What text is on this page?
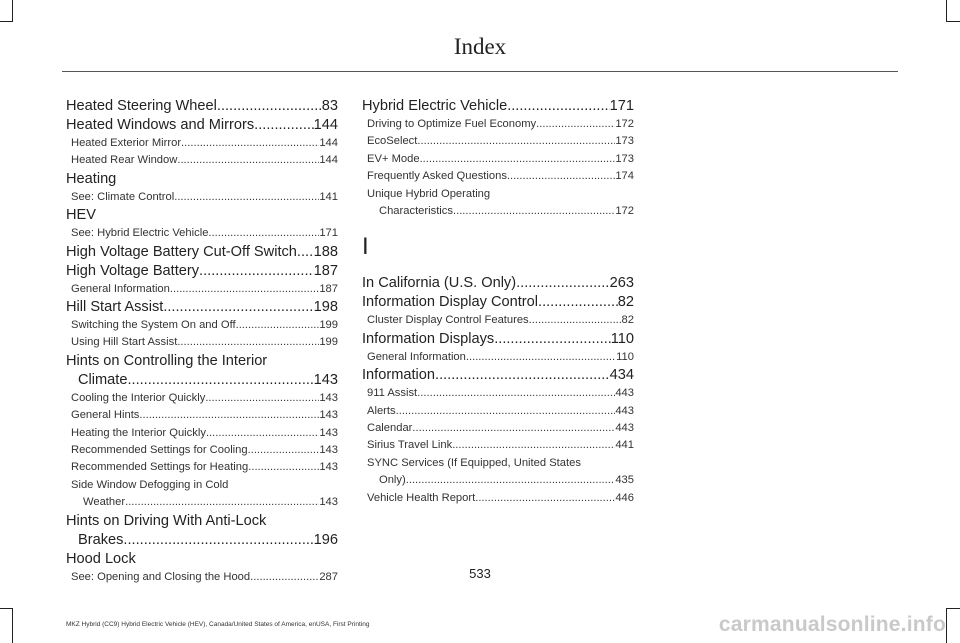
Index
Heated Steering Wheel .....	83
Heated Windows and Mirrors .....	144
Heated Exterior Mirror .....	144
Heated Rear Window .....	144
Heating
See: Climate Control .....	141
HEV
See: Hybrid Electric Vehicle .....	171
High Voltage Battery Cut-Off Switch ..... 188
High Voltage Battery .....	187
General Information .....	187
Hill Start Assist .....	198
Switching the System On and Off .....	199
Using Hill Start Assist .....	199
Hints on Controlling the Interior
Climate .....	143
Cooling the Interior Quickly .....	143
General Hints .....	143
Heating the Interior Quickly .....	143
Recommended Settings for Cooling .....	143
Recommended Settings for Heating .....	143
Side Window Defogging in Cold
Weather .....	143
Hints on Driving With Anti-Lock
Brakes .....	196
Hood Lock
See: Opening and Closing the Hood .....	287
Hybrid Electric Vehicle .....	171
Driving to Optimize Fuel Economy .....	172
EcoSelect .....	173
EV+ Mode .....	173
Frequently Asked Questions .....	174
Unique Hybrid Operating
Characteristics .....	172
I
In California (U.S. Only) .....	263
Information Display Control .....	82
Cluster Display Control Features .....	82
Information Displays .....	110
General Information .....	110
Information .....	434
911 Assist .....	443
Alerts .....	443
Calendar .....	443
Sirius Travel Link .....	441
SYNC Services (If Equipped, United States
Only) .....	435
Vehicle Health Report .....	446
533
MKZ Hybrid (CC9) Hybrid Electric Vehicle (HEV), Canada/United States of America, enUSA, First Printing	carmanualsonline.info
